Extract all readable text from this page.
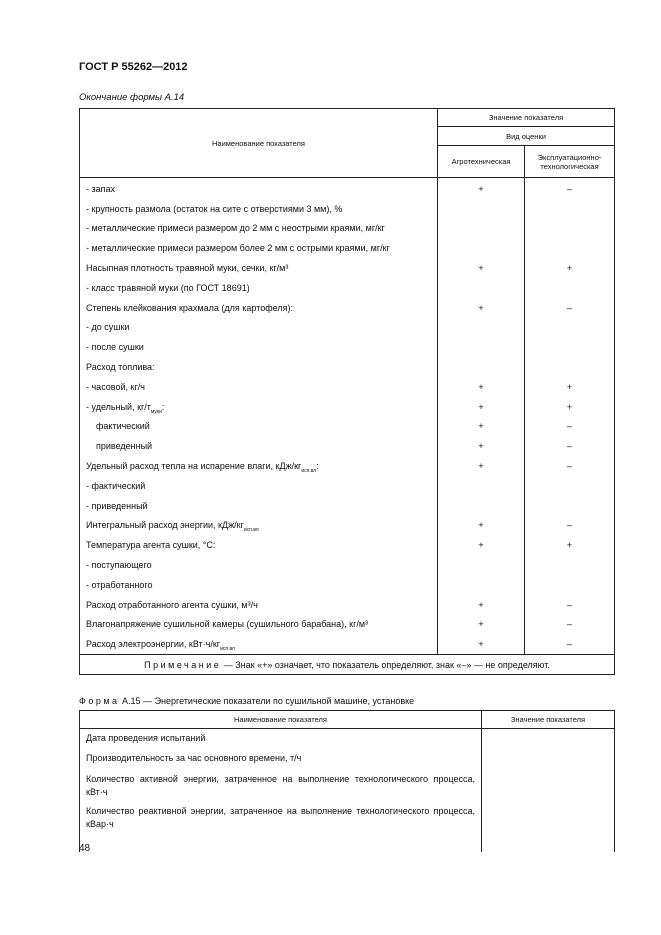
ГОСТ Р 55262—2012
Окончание формы А.14
Наименование показателя	Значение показателя	
	Вид оценки	
	Агротехническая	Эксплуатационно-технологическая
- запах	+	–
- крупность размола (остаток на сите с отверстиями 3 мм), %		
- металлические примеси размером до 2 мм с неострыми краями, мг/кг		
- металлические примеси размером более 2 мм с острыми краями, мг/кг		
Насыпная плотность травяной муки, сечки, кг/м³	+	+
- класс травяной муки (по ГОСТ 18691)		
Степень клейкования крахмала (для картофеля):	+	–
- до сушки		
- после сушки		
Расход топлива:		
- часовой, кг/ч	+	+
- удельный, $кг/т_{муки}$:	+	+
фактический	+	–
приведенный	+	–
Удельный расход тепла на испарение влаги, кДж/$кг_{исп.вл}$:	+	–
- фактический		
- приведенный		
Интегральный расход энергии, кДж/$кг_{исп.вл}$	+	–
Температура агента сушки, °С:	+	+
- поступающего		
- отработанного		
Расход отработанного агента сушки, м³/ч	+	–
Влагонапряжение сушильной камеры (сушильного барабана), кг/м³	+	–
Расход электроэнергии, $кВт\cdot ч/кг_{исп.вл}$	+	–
Примечание — Знак «+» означает, что показатель определяют, знак «–» — не определяют.		
Форма А.15 — Энергетические показатели по сушильной машине, установке
Наименование показателя	Значение показателя

Дата проведения испытаний
Производительность за час основного времени, т/ч
Количество активной энергии, затраченное на выполнение технологического процесса, кВт·ч
Количество реактивной энергии, затраченное на выполнение технологического процесса, кВар·ч	

48
